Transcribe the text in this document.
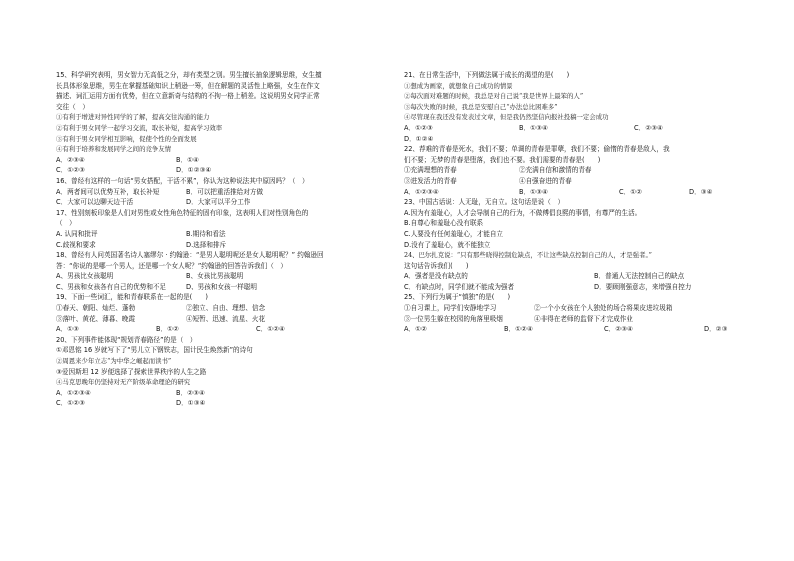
15、科学研究表明，男女智力无高低之分，却有类型之别。男生擅长抽象逻辑思维，女生擅
长具体形象思维，男生在掌握基础知识上稍逊一筹，但在解题的灵活性上略强，女生在作文
描述、词汇运用方面有优势，但在立意新奇与结构的不拘一格上稍差。这说明男女同学正常
交往（　）
①有利于增进对异性同学的了解，提高交往沟通的能力
②有利于男女同学一起学习交流，取长补短，提高学习效率
③有利于男女同学相互影响，促使个性的全面发展
④有利于培养和发展同学之间的竞争友情
A．②③④	B．①④
C．①②③	D．①②③④
16、曾经有这样的一句话“男女搭配，干活不累”，你认为这种说法其中原因吗？（　）
A．两者间可以优势互补，取长补短	B．可以把重活推给对方做
C．大家可以边聊天边干活	D．大家可以平分工作
17、性别刻板印象是人们对男性或女性角色特征的固有印象，这表明人们对性别角色的
（　）
A. 认同和批评	B.期待和看法
C.歧视和要求	D.选择和排斥
18、曾经有人问英国著名诗人塞缪尔 · 约翰逊：“是男人聪明呢还是女人聪明呢？” 约翰逊回
答：“你说的是哪一个男人，还是哪一个女人呢？”约翰逊的回答告诉我们（　）
A、男孩比女孩聪明	B、女孩比男孩聪明
C、男孩和女孩各有自己的优势和不足	D、男孩和女孩一样聪明
19、下面一些词汇，能和青春联系在一起的是(　　)
①春天、朝阳、灿烂、蓬勃	②独立、自由、理想、信念
③落叶、黄花、薄暮、晚霞	④短暂、迅速、流星、火花
A．①③	B．①②	C．①②④
20、下列事件能体现“规划青春路径”的是（　）
①邓恩铭 16 岁就写下了“男儿立下钢铁志，国计民生焕然新”的诗句
②周恩来少年立志“为中华之崛起而读书”
③爱因斯坦 12 岁便选择了探索世界秩序的人生之路
④马克思晚年仍坚持对无产阶级革命理论的研究
A．①②③④	B．②③④
C．①②③	D．①③④
21、在日常生活中，下列做法属于成长的渴望的是(　　)
①想成为画家，就想象自己成功的情景
②每次面对难题的时候，我总是对自己说“我是世界上最笨的人”
③每次失败的时候，我总是安慰自己“办法总比困难多”
④尽管现在我还没有发表过文章，但是我仍然坚信向报社投稿一定会成功
A．①②③	B．①③④	C．②③④
D．①②④
22、荐难的青春是死水，我们不要；单调的青春是罪孽，我们不要；偷惰的青春是敌人，我
们不要；无梦的青春是堕落，我们也不要。我们需要的青春是(　　)
①充满理想的青春	②充满自信和激情的青春
③进发活力的青春	④自强奋进的青春
A．①②③④	B．①③④	C．①②	D．③④
23、中国古话说：人无耻，无自立。这句话是说（　）
A.因为有羞耻心，人才会导制自己的行为，不做傅倡良熙的事情，有尊严的生活。
B.自尊心和羞耻心没有联系
C.人要没有任何羞耻心，才能自立
D.没有了羞耻心，就不能独立
24、巴尔扎克说：“只有那些晓得控制危缺点，不让这些缺点控制自己的人，才是强者。”
这句话告诉我们(　　)
A．强者是没有缺点的	B．普通人无法控制自己的缺点
C．有缺点时，同学们就不能成为强者	D．要顾刚强意志，来增强自控力
25、下列行为属于“慎独”的是(　　)
①自习课上，同学们安静地学习	②一个小女孩在个人独处的场合将果皮进垃圾箱
③一位男生躲在校园的角落里吸烟	④非得在老师的监督下才完成作业
A．①②	B．①②④	C．②③④	D．②③
